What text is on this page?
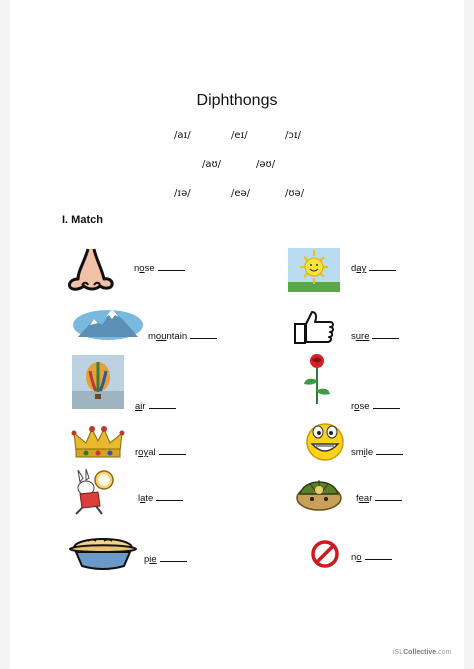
Diphthongs
/aɪ/	/eɪ/	/ɔɪ/
/aʊ/	/əʊ/
/ɪə/	/eə/	/ʊə/
I. Match
nose
mountain
air
royal
late
pie
day
sure
rose
smile
fear
no
iSLCollective.com
